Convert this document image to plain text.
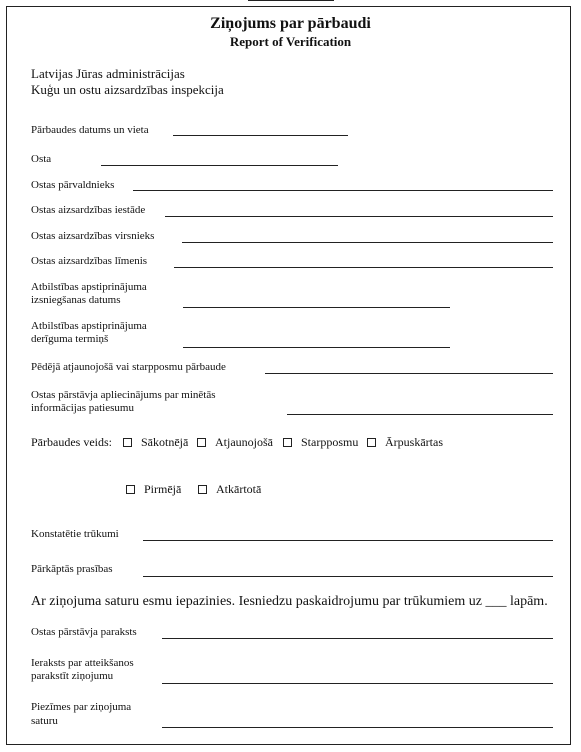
Ziņojums par pārbaudi
Report of Verification
Latvijas Jūras administrācijas
Kuģu un ostu aizsardzības inspekcija
Pārbaudes datums un vieta
Osta
Ostas pārvaldnieks
Ostas aizsardzības iestāde
Ostas aizsardzības virsnieks
Ostas aizsardzības līmenis
Atbilstības apstiprinājuma
izsniegšanas datums
Atbilstības apstiprinājuma
derīguma termiņš
Pēdējā atjaunojošā vai starpposmu pārbaude
Ostas pārstāvja apliecinājums par minētās
informācijas patiesumu
Pārbaudes veids: Sākotnējā Atjaunojošā Starpposmu Ārpuskārtas
Pirmējā	Atkārtotā
Konstatētie trūkumi
Pārkāptās prasības
Ar ziņojuma saturu esmu iepazinies. Iesniedzu paskaidrojumu par trūkumiem uz ___ lapām.
Ostas pārstāvja paraksts
Ieraksts par atteikšanos
parakstīt ziņojumu
Piezīmes par ziņojuma
saturu
